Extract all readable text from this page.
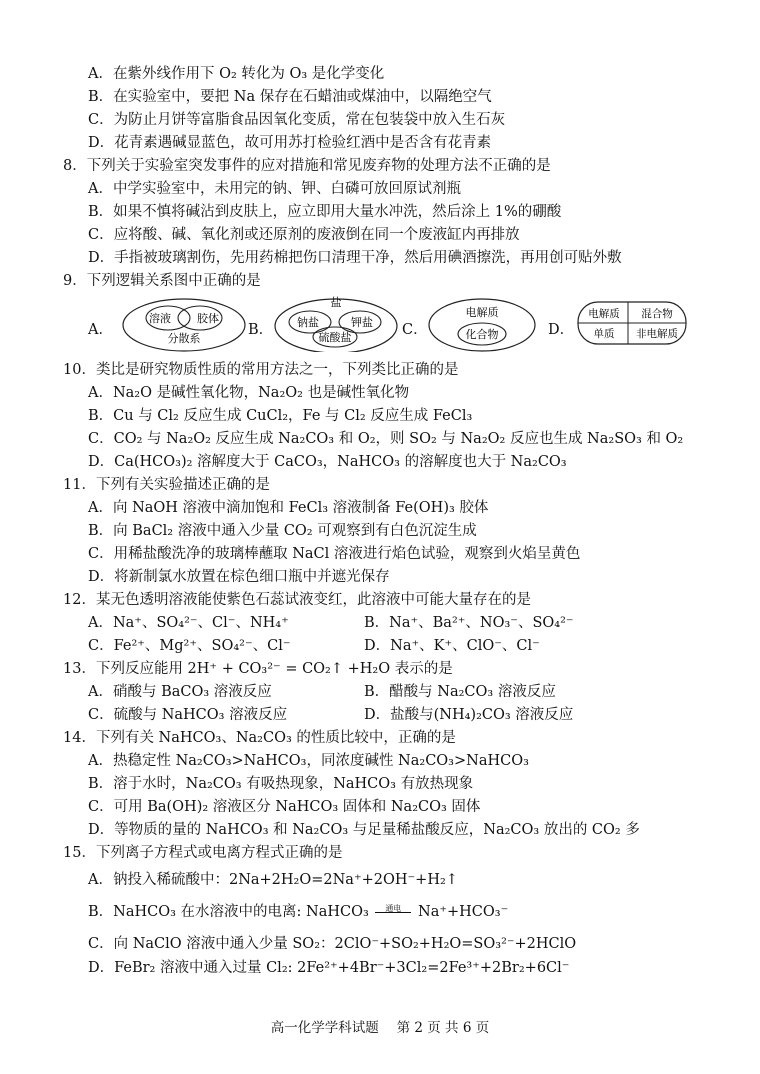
A．在紫外线作用下 O₂ 转化为 O₃ 是化学变化
B．在实验室中，要把 Na 保存在石蜡油或煤油中，以隔绝空气
C．为防止月饼等富脂食品因氧化变质，常在包装袋中放入生石灰
D．花青素遇碱显蓝色，故可用苏打检验红酒中是否含有花青素
8．下列关于实验室突发事件的应对措施和常见废弃物的处理方法不正确的是
A．中学实验室中，未用完的钠、钾、白磷可放回原试剂瓶
B．如果不慎将碱沾到皮肤上，应立即用大量水冲洗，然后涂上 1%的硼酸
C．应将酸、碱、氧化剂或还原剂的废液倒在同一个废液缸内再排放
D．手指被玻璃割伤，先用药棉把伤口清理干净，然后用碘酒擦洗，再用创可贴外敷
9．下列逻辑关系图中正确的是
A．
溶液 胶体
分散系
B．
盐
钠盐	钾盐
硫酸盐	C．
电解质
化合物	D．
电解质 混合物
单质 非电解质
10．类比是研究物质性质的常用方法之一，下列类比正确的是
A．Na₂O 是碱性氧化物，Na₂O₂ 也是碱性氧化物
B．Cu 与 Cl₂ 反应生成 CuCl₂，Fe 与 Cl₂ 反应生成 FeCl₃
C．CO₂ 与 Na₂O₂ 反应生成 Na₂CO₃ 和 O₂，则 SO₂ 与 Na₂O₂ 反应也生成 Na₂SO₃ 和 O₂
D．Ca(HCO₃)₂ 溶解度大于 CaCO₃，NaHCO₃ 的溶解度也大于 Na₂CO₃
11．下列有关实验描述正确的是
A．向 NaOH 溶液中滴加饱和 FeCl₃ 溶液制备 Fe(OH)₃ 胶体
B．向 BaCl₂ 溶液中通入少量 CO₂ 可观察到有白色沉淀生成
C．用稀盐酸洗净的玻璃棒蘸取 NaCl 溶液进行焰色试验，观察到火焰呈黄色
D．将新制氯水放置在棕色细口瓶中并遮光保存
12．某无色透明溶液能使紫色石蕊试液变红，此溶液中可能大量存在的是
A．Na⁺、SO₄²⁻、Cl⁻、NH₄⁺	B．Na⁺、Ba²⁺、NO₃⁻、SO₄²⁻
C．Fe²⁺、Mg²⁺、SO₄²⁻、Cl⁻	D．Na⁺、K⁺、ClO⁻、Cl⁻
13．下列反应能用 2H⁺ + CO₃²⁻ = CO₂↑ +H₂O 表示的是
A．硝酸与 BaCO₃ 溶液反应	B．醋酸与 Na₂CO₃ 溶液反应
C．硫酸与 NaHCO₃ 溶液反应	D．盐酸与(NH₄)₂CO₃ 溶液反应
14．下列有关 NaHCO₃、Na₂CO₃ 的性质比较中，正确的是
A．热稳定性 Na₂CO₃>NaHCO₃，同浓度碱性 Na₂CO₃>NaHCO₃
B．溶于水时，Na₂CO₃ 有吸热现象，NaHCO₃ 有放热现象
C．可用 Ba(OH)₂ 溶液区分 NaHCO₃ 固体和 Na₂CO₃ 固体
D．等物质的量的 NaHCO₃ 和 Na₂CO₃ 与足量稀盐酸反应，Na₂CO₃ 放出的 CO₂ 多
15．下列离子方程式或电离方程式正确的是
A．钠投入稀硫酸中：2Na+2H₂O=2Na⁺+2OH⁻+H₂↑
B．NaHCO₃ 在水溶液中的电离: NaHCO₃	通电	Na⁺+HCO₃⁻
C．向 NaClO 溶液中通入少量 SO₂：2ClO⁻+SO₂+H₂O=SO₃²⁻+2HClO
D．FeBr₂ 溶液中通入过量 Cl₂: 2Fe²⁺+4Br⁻+3Cl₂=2Fe³⁺+2Br₂+6Cl⁻
高一化学学科试题　 第 2 页 共 6 页
